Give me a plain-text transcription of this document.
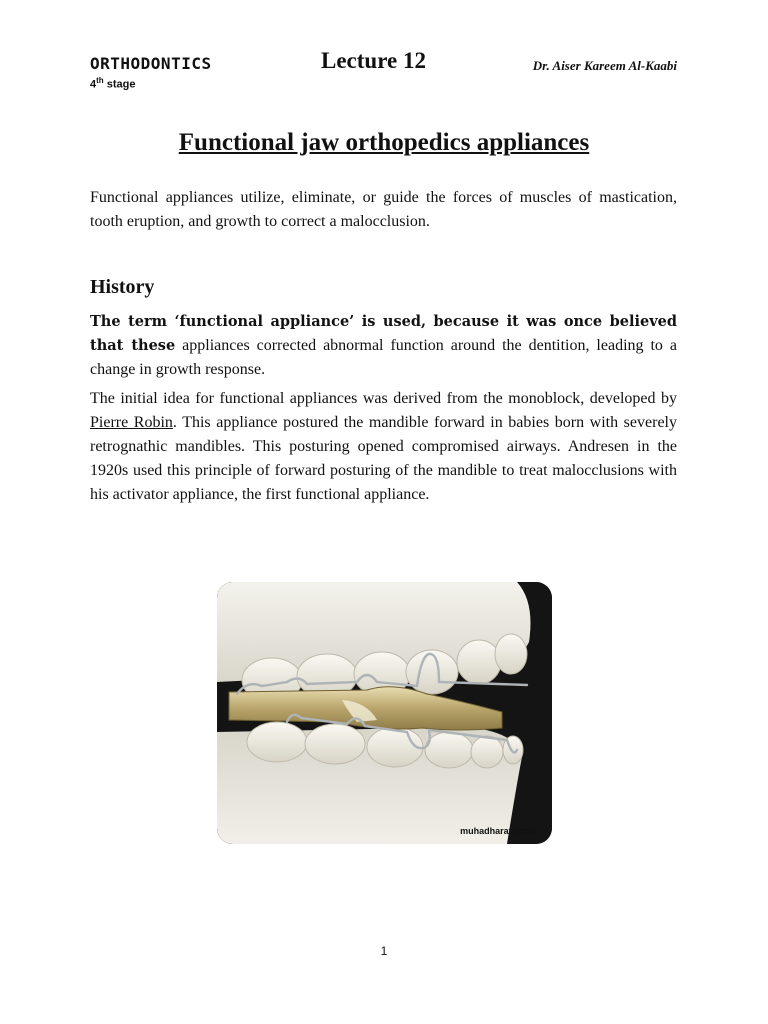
ORTHODONTICS
4th stage
Lecture 12	Dr. Aiser Kareem Al-Kaabi
Functional jaw orthopedics appliances

Functional appliances utilize, eliminate, or guide the forces of muscles of mastication, tooth eruption, and growth to correct a malocclusion.

History

The term ‘functional appliance’ is used, because it was once believed that these appliances corrected abnormal function around the dentition, leading to a change in growth response.

The initial idea for functional appliances was derived from the monoblock, developed by Pierre Robin. This appliance postured the mandible forward in babies born with severely retrognathic mandibles. This posturing opened compromised airways. Andresen in the 1920s used this principle of forward posturing of the mandible to treat malocclusions with his activator appliance, the first functional appliance.

muhadharaty.com
1
